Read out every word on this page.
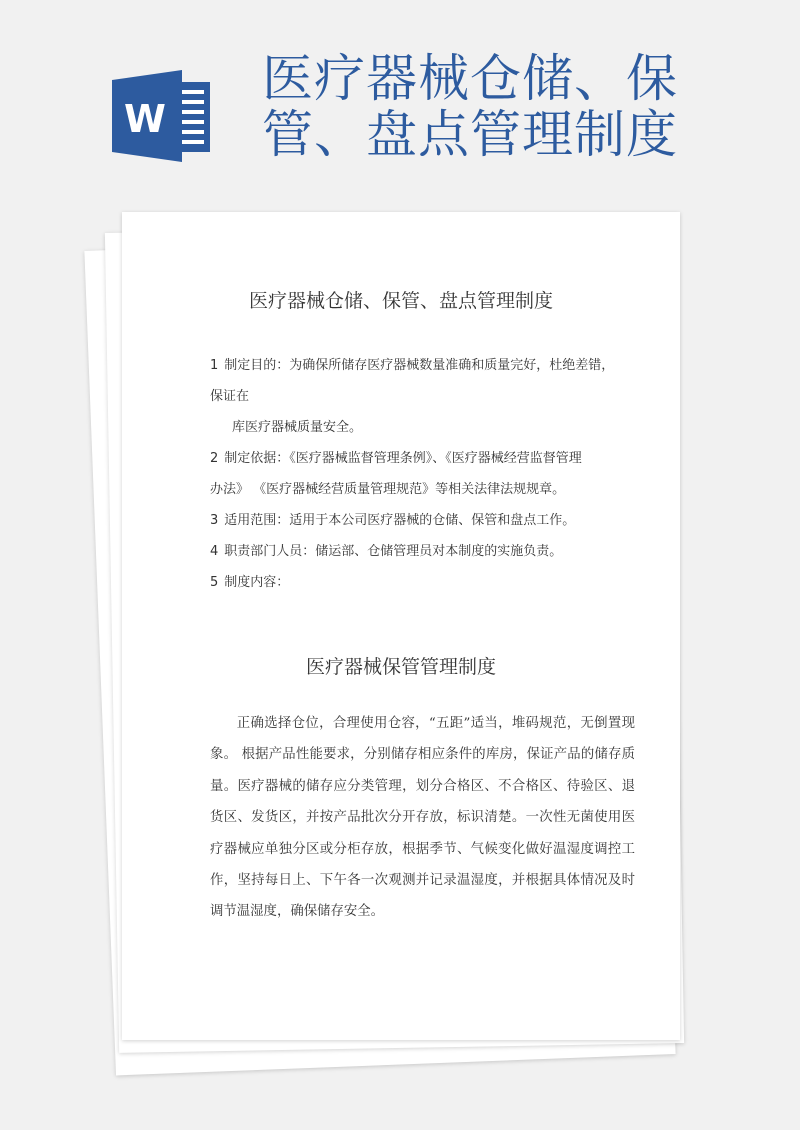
W
医疗器械仓储、保
管、盘点管理制度
医疗器械仓储、保管、盘点管理制度
1 制定目的：为确保所储存医疗器械数量准确和质量完好，杜绝差错，
保证在
库医疗器械质量安全。
2 制定依据：《医疗器械监督管理条例》、《医疗器械经营监督管理
办法》 《医疗器械经营质量管理规范》等相关法律法规规章。
3 适用范围：适用于本公司医疗器械的仓储、保管和盘点工作。
4 职责部门人员：储运部、仓储管理员对本制度的实施负责。
5 制度内容：
医疗器械保管管理制度
正确选择仓位，合理使用仓容，“五距”适当，堆码规范，无倒置现象。 根据产品性能要求，分别储存相应条件的库房，保证产品的储存质量。医疗器械的储存应分类管理，划分合格区、不合格区、待验区、退货区、发货区，并按产品批次分开存放，标识清楚。一次性无菌使用医疗器械应单独分区或分柜存放，根据季节、气候变化做好温湿度调控工作，坚持每日上、下午各一次观测并记录温湿度，并根据具体情况及时调节温湿度，确保储存安全。
